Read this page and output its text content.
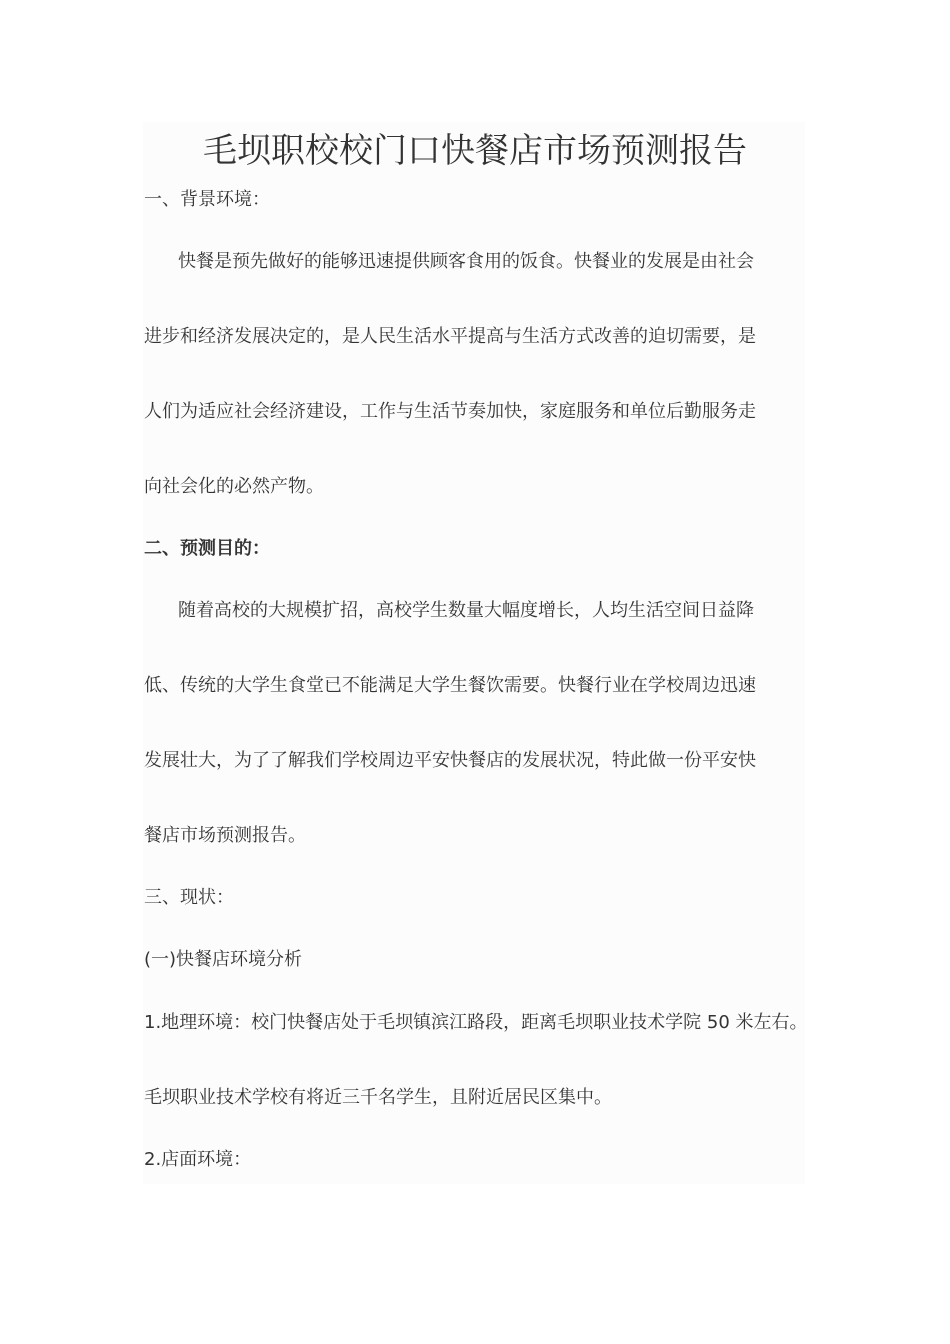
毛坝职校校门口快餐店市场预测报告
一、背景环境：
快餐是预先做好的能够迅速提供顾客食用的饭食。快餐业的发展是由社会
进步和经济发展决定的，是人民生活水平提高与生活方式改善的迫切需要，是
人们为适应社会经济建设，工作与生活节奏加快，家庭服务和单位后勤服务走
向社会化的必然产物。
二、预测目的：
随着高校的大规模扩招，高校学生数量大幅度增长，人均生活空间日益降
低、传统的大学生食堂已不能满足大学生餐饮需要。快餐行业在学校周边迅速
发展壮大，为了了解我们学校周边平安快餐店的发展状况，特此做一份平安快
餐店市场预测报告。
三、现状：
(一)快餐店环境分析
1.地理环境：校门快餐店处于毛坝镇滨江路段，距离毛坝职业技术学院 50 米左右。
毛坝职业技术学校有将近三千名学生，且附近居民区集中。
2.店面环境：
